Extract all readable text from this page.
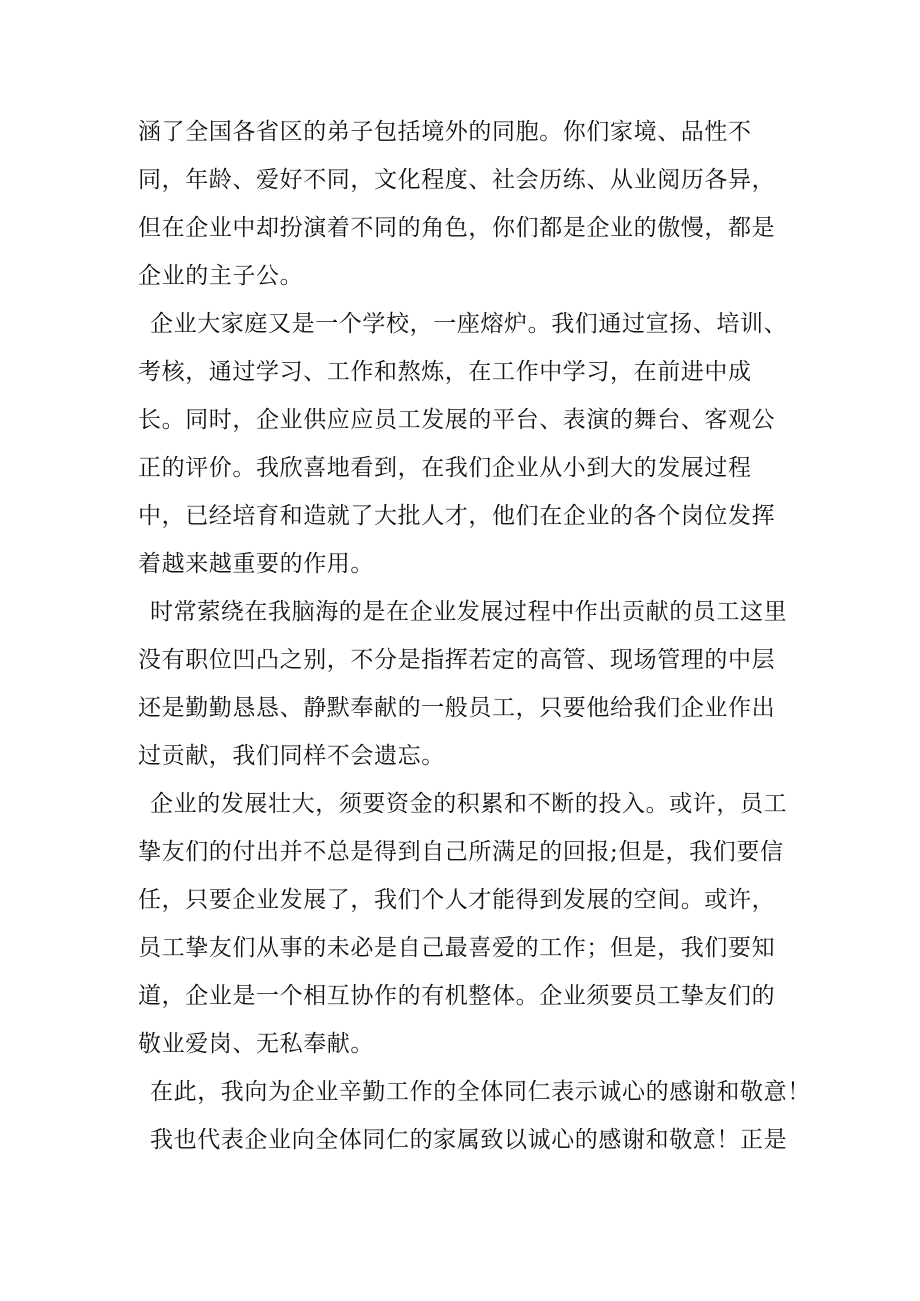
涵了全国各省区的弟子包括境外的同胞。你们家境、品性不
同，年龄、爱好不同，文化程度、社会历练、从业阅历各异，
但在企业中却扮演着不同的角色，你们都是企业的傲慢，都是
企业的主子公。
企业大家庭又是一个学校，一座熔炉。我们通过宣扬、培训、
考核，通过学习、工作和熬炼，在工作中学习，在前进中成
长。同时，企业供应应员工发展的平台、表演的舞台、客观公
正的评价。我欣喜地看到，在我们企业从小到大的发展过程
中，已经培育和造就了大批人才，他们在企业的各个岗位发挥
着越来越重要的作用。
时常萦绕在我脑海的是在企业发展过程中作出贡献的员工这里
没有职位凹凸之别，不分是指挥若定的高管、现场管理的中层
还是勤勤恳恳、静默奉献的一般员工，只要他给我们企业作出
过贡献，我们同样不会遗忘。
企业的发展壮大，须要资金的积累和不断的投入。或许，员工
挚友们的付出并不总是得到自己所满足的回报;但是，我们要信
任，只要企业发展了，我们个人才能得到发展的空间。或许，
员工挚友们从事的未必是自己最喜爱的工作；但是，我们要知
道，企业是一个相互协作的有机整体。企业须要员工挚友们的
敬业爱岗、无私奉献。
在此，我向为企业辛勤工作的全体同仁表示诚心的感谢和敬意！
我也代表企业向全体同仁的家属致以诚心的感谢和敬意！正是
